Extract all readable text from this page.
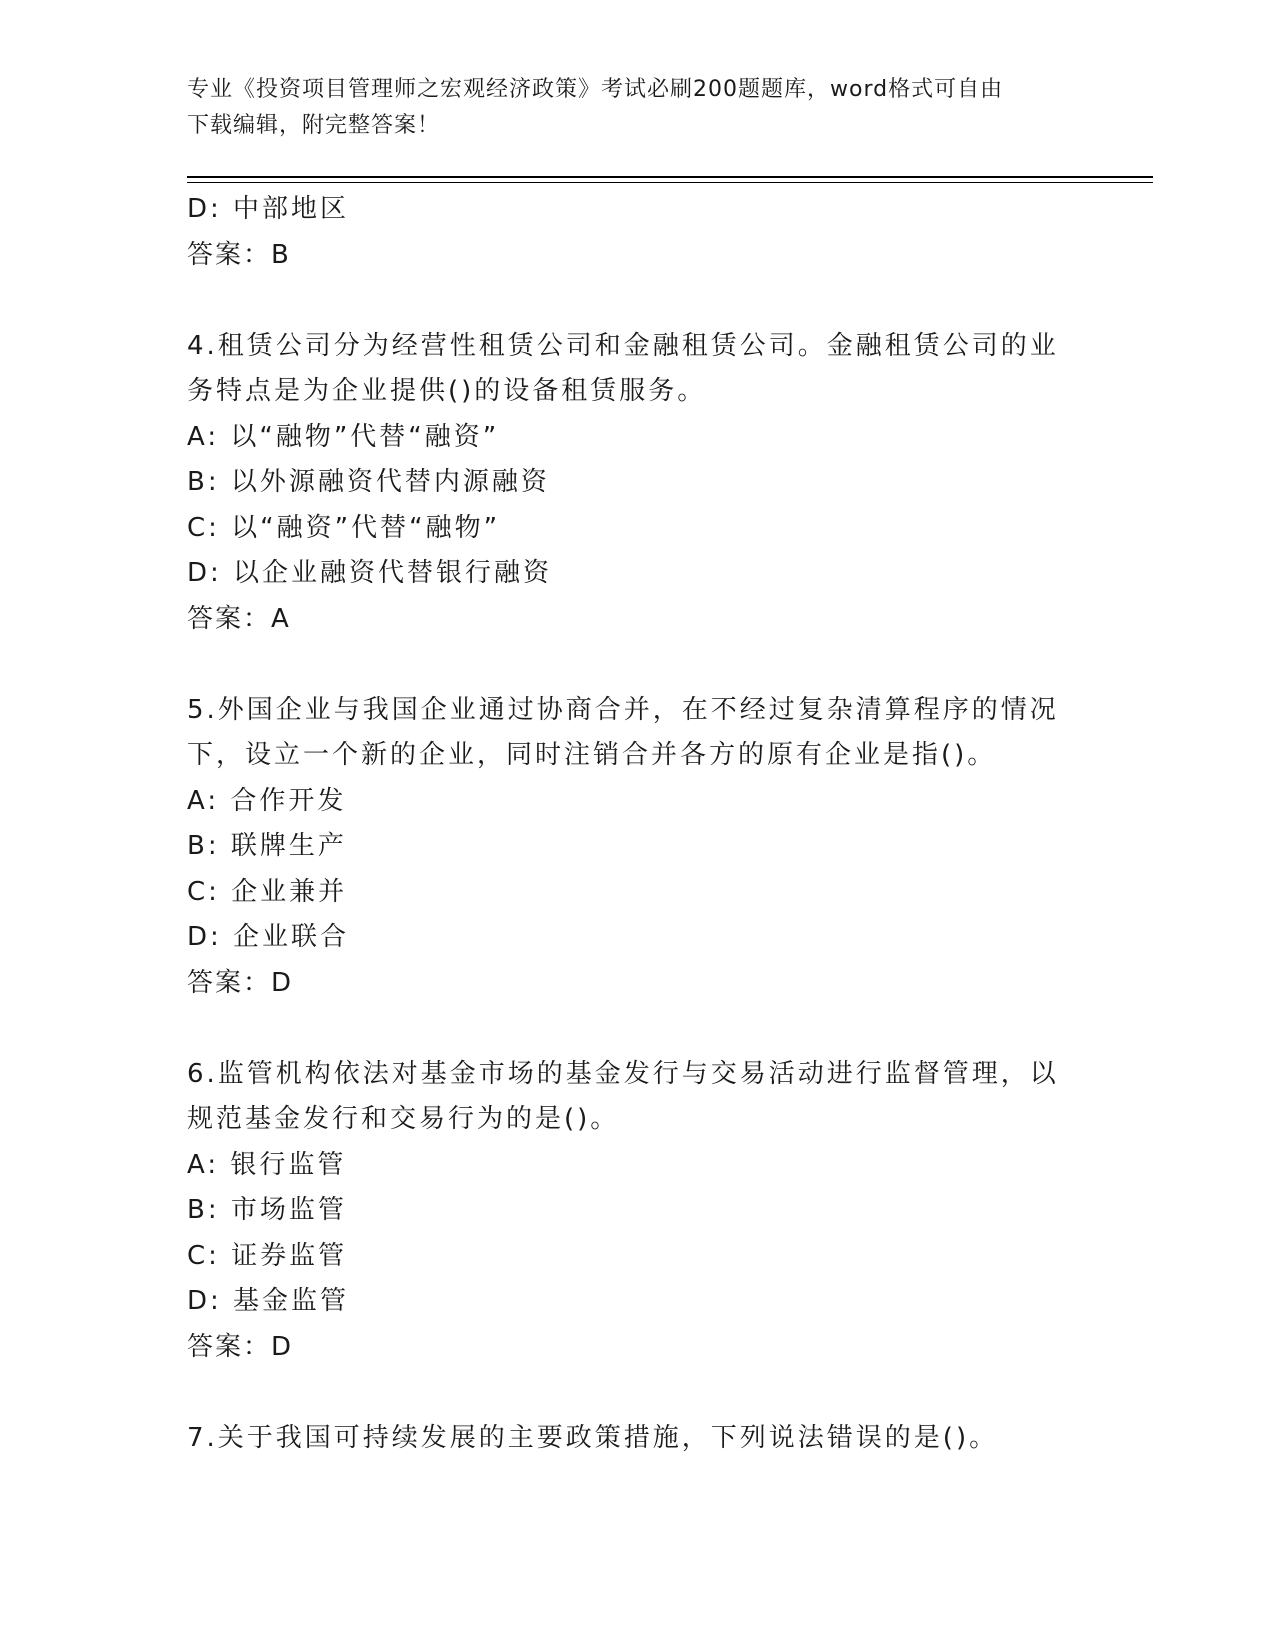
专业《投资项目管理师之宏观经济政策》考试必刷200题题库，word格式可自由
下载编辑，附完整答案！
D: 中部地区
答案：B
4.租赁公司分为经营性租赁公司和金融租赁公司。金融租赁公司的业
务特点是为企业提供()的设备租赁服务。
A: 以“融物”代替“融资”
B: 以外源融资代替内源融资
C: 以“融资”代替“融物”
D: 以企业融资代替银行融资
答案：A
5.外国企业与我国企业通过协商合并，在不经过复杂清算程序的情况
下，设立一个新的企业，同时注销合并各方的原有企业是指()。
A: 合作开发
B: 联牌生产
C: 企业兼并
D: 企业联合
答案：D
6.监管机构依法对基金市场的基金发行与交易活动进行监督管理，以
规范基金发行和交易行为的是()。
A: 银行监管
B: 市场监管
C: 证券监管
D: 基金监管
答案：D
7.关于我国可持续发展的主要政策措施，下列说法错误的是()。
